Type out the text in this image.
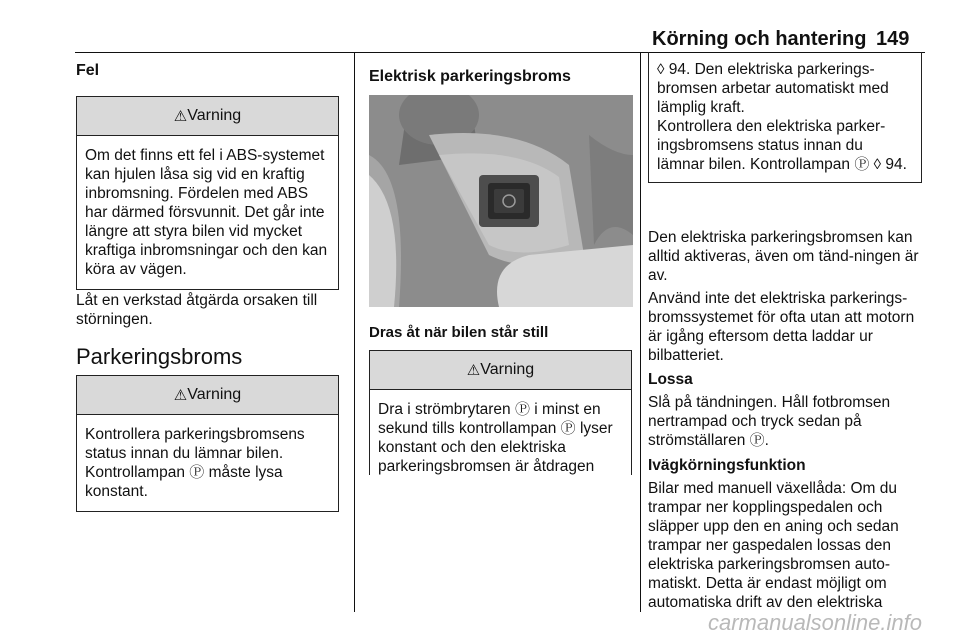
Körning och hantering 149
Fel
⚠ Varning

Om det finns ett fel i ABS-systemet kan hjulen låsa sig vid en kraftig inbromsning. Fördelen med ABS har därmed försvunnit. Det går inte längre att styra bilen vid mycket kraftiga inbromsningar och den kan köra av vägen.

Låt en verkstad åtgärda orsaken till störningen.

Parkeringsbroms
⚠ Varning

Kontrollera parkeringsbromsens status innan du lämnar bilen. Kontrollampan Ⓟ måste lysa konstant.

Elektrisk parkeringsbroms
Dras åt när bilen står still
⚠ Varning

Dra i strömbrytaren Ⓟ i minst en sekund tills kontrollampan Ⓟ lyser konstant och den elektriska parkeringsbromsen är åtdragen

◊ 94. Den elektriska parkerings-bromsen arbetar automatiskt med lämplig kraft.

Kontrollera den elektriska parker-ingsbromsens status innan du lämnar bilen. Kontrollampan Ⓟ ◊ 94.

Den elektriska parkeringsbromsen kan alltid aktiveras, även om tänd-ningen är av.

Använd inte det elektriska parkerings-bromssystemet för ofta utan att motorn är igång eftersom detta laddar ur bilbatteriet.

Lossa

Slå på tändningen. Håll fotbromsen nertrampad och tryck sedan på strömställaren Ⓟ.

Ivägkörningsfunktion

Bilar med manuell växellåda: Om du trampar ner kopplingspedalen och släpper upp den en aning och sedan trampar ner gaspedalen lossas den elektriska parkeringsbromsen auto-matiskt. Detta är endast möjligt om automatiska drift av den elektriska

carmanualsonline.info
